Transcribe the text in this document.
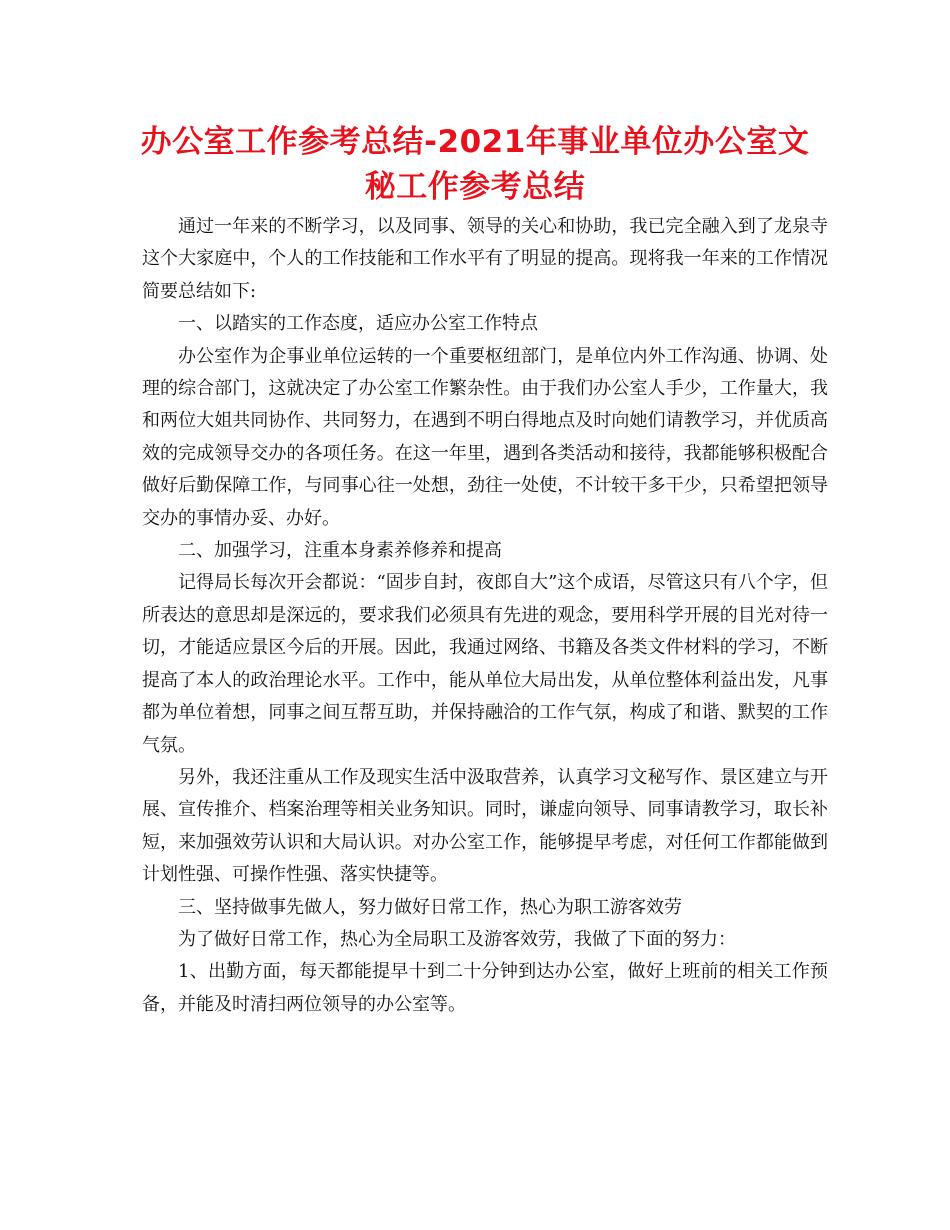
办公室工作参考总结-2021年事业单位办公室文秘工作参考总结

通过一年来的不断学习，以及同事、领导的关心和协助，我已完全融入到了龙泉寺这个大家庭中，个人的工作技能和工作水平有了明显的提高。现将我一年来的工作情况简要总结如下:

一、以踏实的工作态度，适应办公室工作特点

办公室作为企事业单位运转的一个重要枢纽部门，是单位内外工作沟通、协调、处理的综合部门，这就决定了办公室工作繁杂性。由于我们办公室人手少，工作量大，我和两位大姐共同协作、共同努力，在遇到不明白得地点及时向她们请教学习，并优质高效的完成领导交办的各项任务。在这一年里，遇到各类活动和接待，我都能够积极配合做好后勤保障工作，与同事心往一处想，劲往一处使，不计较干多干少，只希望把领导交办的事情办妥、办好。

二、加强学习，注重本身素养修养和提高

记得局长每次开会都说：“固步自封，夜郎自大”这个成语，尽管这只有八个字，但所表达的意思却是深远的，要求我们必须具有先进的观念，要用科学开展的目光对待一切，才能适应景区今后的开展。因此，我通过网络、书籍及各类文件材料的学习，不断提高了本人的政治理论水平。工作中，能从单位大局出发，从单位整体利益出发，凡事都为单位着想，同事之间互帮互助，并保持融洽的工作气氛，构成了和谐、默契的工作气氛。

另外，我还注重从工作及现实生活中汲取营养，认真学习文秘写作、景区建立与开展、宣传推介、档案治理等相关业务知识。同时，谦虚向领导、同事请教学习，取长补短，来加强效劳认识和大局认识。对办公室工作，能够提早考虑，对任何工作都能做到计划性强、可操作性强、落实快捷等。

三、坚持做事先做人，努力做好日常工作，热心为职工游客效劳

为了做好日常工作，热心为全局职工及游客效劳，我做了下面的努力：

1、出勤方面，每天都能提早十到二十分钟到达办公室，做好上班前的相关工作预备，并能及时清扫两位领导的办公室等。
